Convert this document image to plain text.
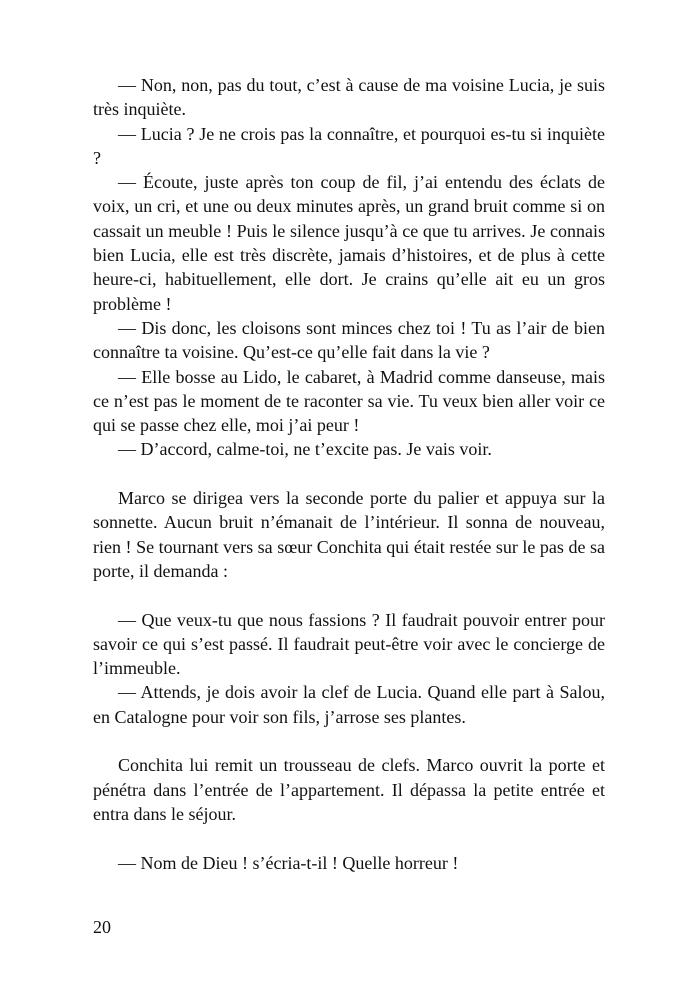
— Non, non, pas du tout, c’est à cause de ma voisine Lucia, je suis très inquiète.

— Lucia ? Je ne crois pas la connaître, et pourquoi es-tu si inquiète ?

— Écoute, juste après ton coup de fil, j’ai entendu des éclats de voix, un cri, et une ou deux minutes après, un grand bruit comme si on cassait un meuble ! Puis le silence jusqu’à ce que tu arrives. Je connais bien Lucia, elle est très discrète, jamais d’histoires, et de plus à cette heure-ci, habituellement, elle dort. Je crains qu’elle ait eu un gros problème !

— Dis donc, les cloisons sont minces chez toi ! Tu as l’air de bien connaître ta voisine. Qu’est-ce qu’elle fait dans la vie ?

— Elle bosse au Lido, le cabaret, à Madrid comme danseuse, mais ce n’est pas le moment de te raconter sa vie. Tu veux bien aller voir ce qui se passe chez elle, moi j’ai peur !

— D’accord, calme-toi, ne t’excite pas. Je vais voir.

Marco se dirigea vers la seconde porte du palier et appuya sur la sonnette. Aucun bruit n’émanait de l’intérieur. Il sonna de nouveau, rien ! Se tournant vers sa sœur Conchita qui était restée sur le pas de sa porte, il demanda :

— Que veux-tu que nous fassions ? Il faudrait pouvoir entrer pour savoir ce qui s’est passé. Il faudrait peut-être voir avec le concierge de l’immeuble.

— Attends, je dois avoir la clef de Lucia. Quand elle part à Salou, en Catalogne pour voir son fils, j’arrose ses plantes.

Conchita lui remit un trousseau de clefs. Marco ouvrit la porte et pénétra dans l’entrée de l’appartement. Il dépassa la petite entrée et entra dans le séjour.

— Nom de Dieu ! s’écria-t-il ! Quelle horreur !

20
